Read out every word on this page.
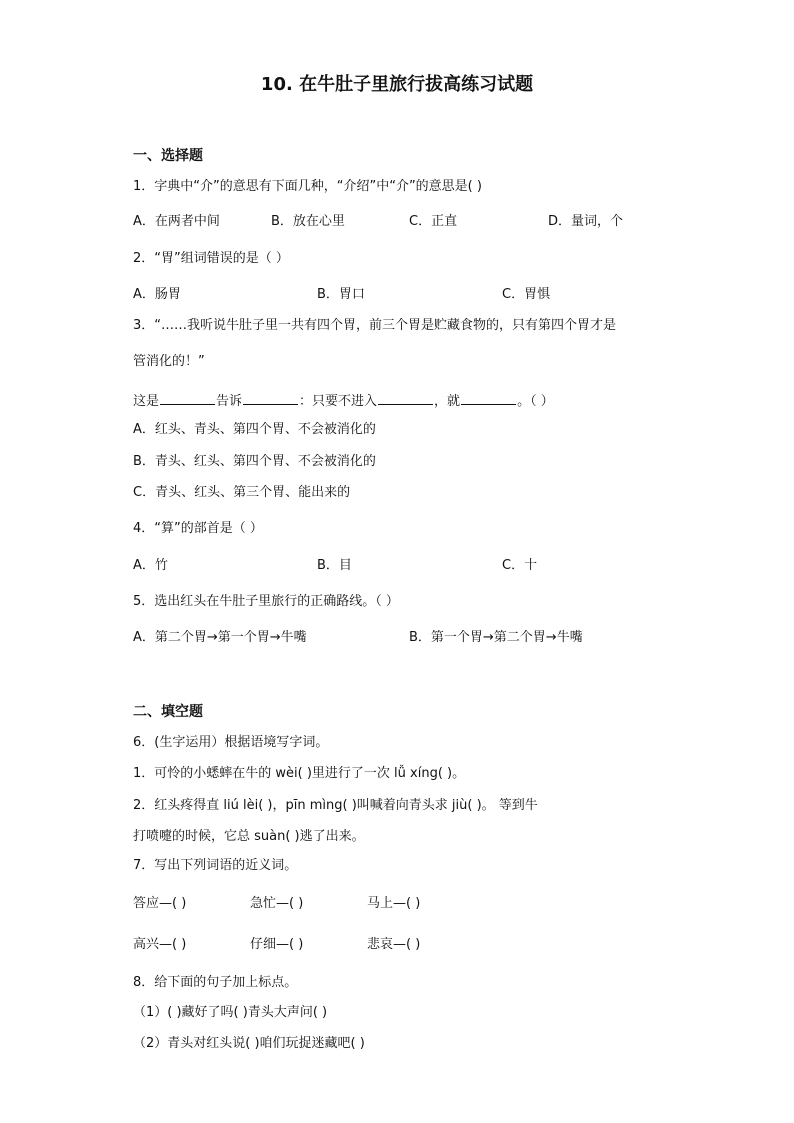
10. 在牛肚子里旅行拔高练习试题
一、选择题
1．字典中“介”的意思有下面几种，“介绍”中“介”的意思是( )
A．在两者中间	B．放在心里	C．正直	D．量词，个
2．“胃”组词错误的是（ ）
A．肠胃	B．胃口	C．胃惧
3．“……我听说牛肚子里一共有四个胃，前三个胃是贮藏食物的，只有第四个胃才是
管消化的！”
这是	告诉	：只要不进入	，就	。（ ）
A．红头、青头、第四个胃、不会被消化的
B．青头、红头、第四个胃、不会被消化的
C．青头、红头、第三个胃、能出来的
4．“算”的部首是（ ）
A．竹	B．目	C．十
5．选出红头在牛肚子里旅行的正确路线。（ ）
A．第二个胃→第一个胃→牛嘴	B．第一个胃→第二个胃→牛嘴
二、填空题
6．(生字运用）根据语境写字词。
1．可怜的小蟋蟀在牛的 wèi( )里进行了一次 lǚ xíng( )。
2．红头疼得直 liú lèi( )，pīn mìng( )叫喊着向青头求 jiù( )。 等到牛
打喷嚏的时候，它总 suàn( )逃了出来。
7．写出下列词语的近义词。
答应—( )	急忙—( )	马上—( )
高兴—( )	仔细—( )	悲哀—( )
8．给下面的句子加上标点。
（1）( )藏好了吗( )青头大声问( )
（2）青头对红头说( )咱们玩捉迷藏吧( )
